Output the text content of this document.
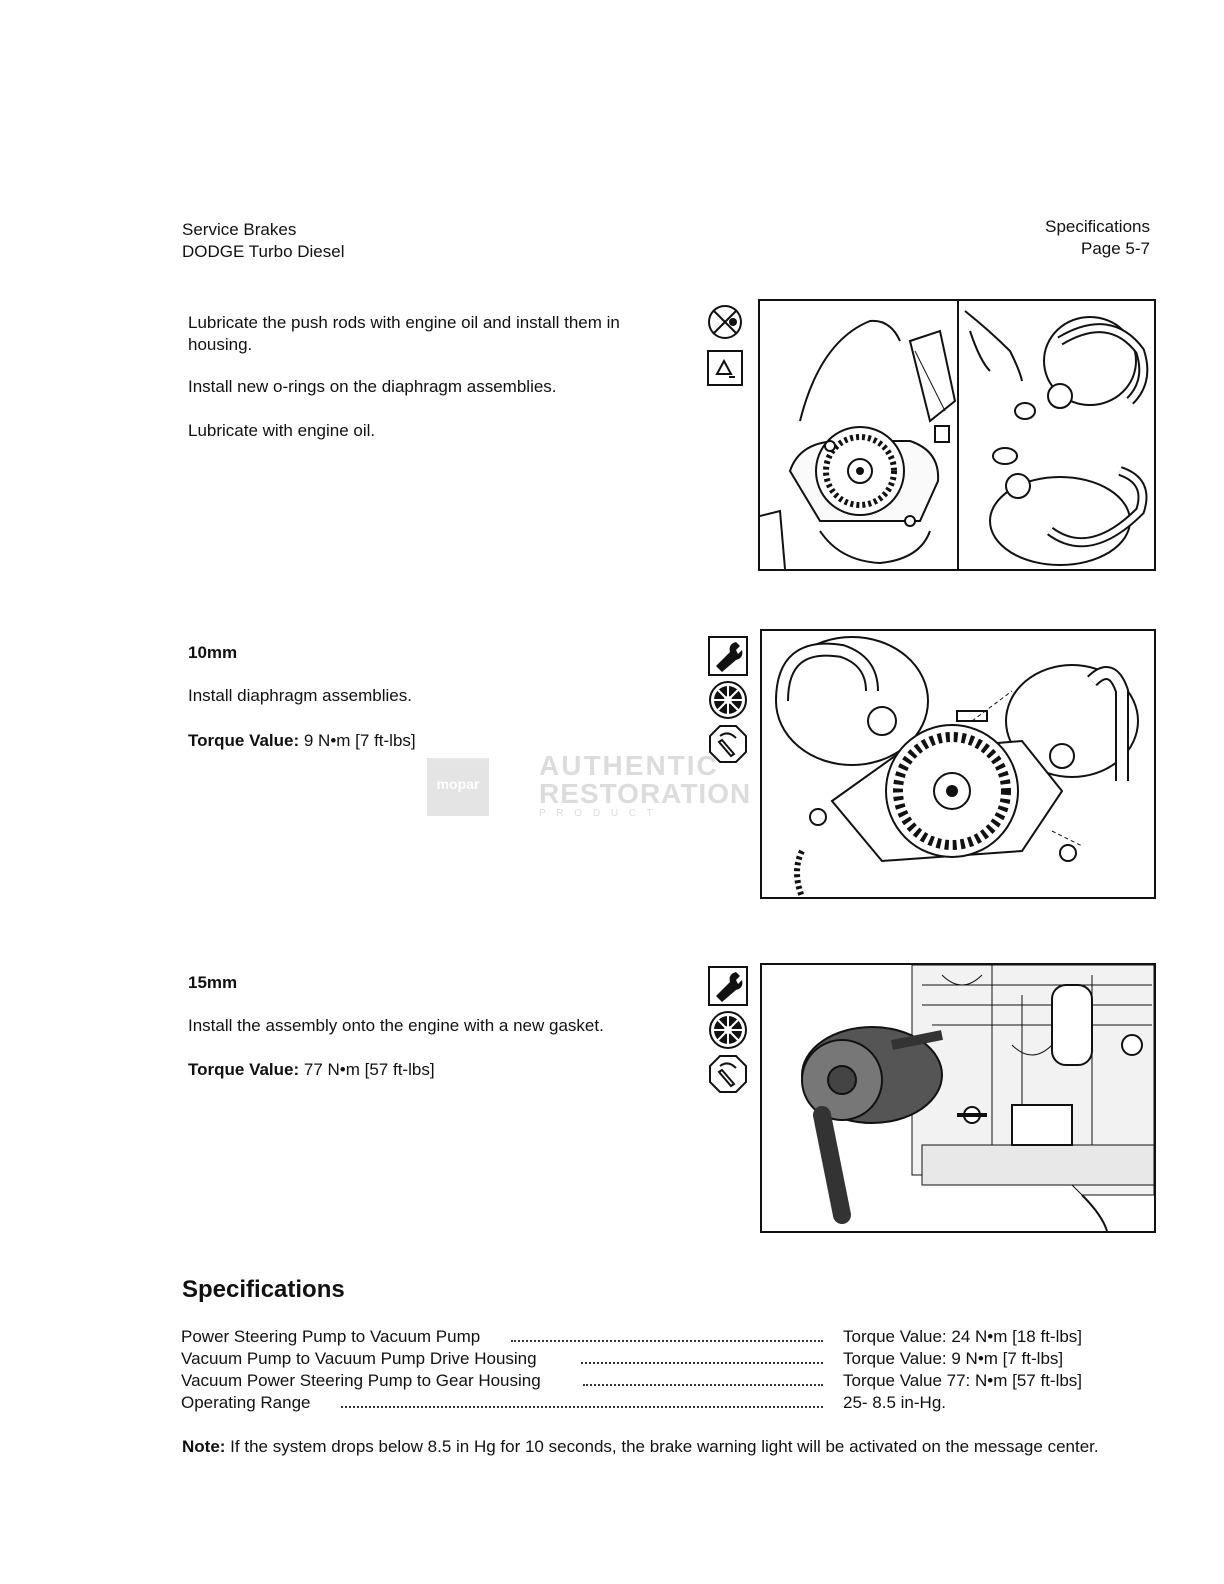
Service Brakes
DODGE Turbo Diesel
Specifications
Page 5-7
Lubricate the push rods with engine oil and install them in
housing.
Install new o-rings on the diaphragm assemblies.
Lubricate with engine oil.
10mm
Install diaphragm assemblies.
Torque Value: 9 N•m [7 ft-lbs]
mopar
AUTHENTIC
RESTORATION
P R O D U C T
15mm
Install the assembly onto the engine with a new gasket.
Torque Value: 77 N•m [57 ft-lbs]
Specifications
Power Steering Pump to Vacuum Pump	Torque Value: 24 N•m [18 ft-lbs]
Vacuum Pump to Vacuum Pump Drive Housing	Torque Value: 9 N•m [7 ft-lbs]
Vacuum Power Steering Pump to Gear Housing	Torque Value 77: N•m [57 ft-lbs]
Operating Range	25- 8.5 in-Hg.
Note: If the system drops below 8.5 in Hg for 10 seconds, the brake warning light will be activated on the message center.
